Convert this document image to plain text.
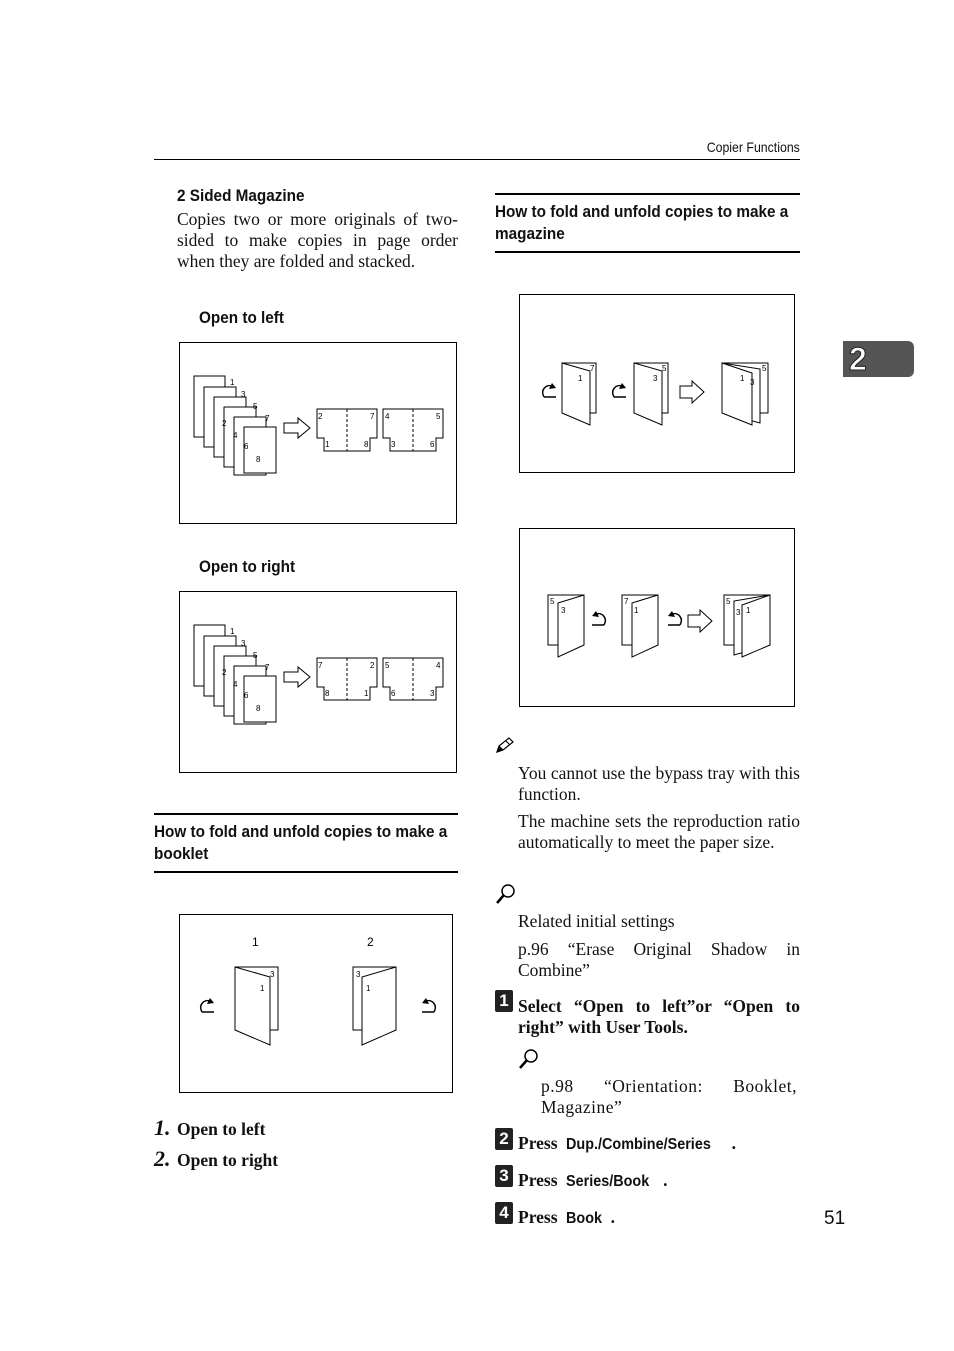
Copier Functions
2
2 Sided Magazine
Copies two or more originals of two-sided to make copies in page order when they are folded and stacked.
Open to left
1
3
5
7
2
4
6
8
2	7
1	8
4	5
3	6
Open to right
1
3
5
7
2
4
6
8
7	2
8	1
5	4
6	3
How to fold and unfold copies to make a booklet
1	2
3
1
3
1
1. Open to left
2. Open to right
How to fold and unfold copies to make a magazine
7
1
5
3
5
1 3
5
3
7
1
5
3 1
You cannot use the bypass tray with this function.
The machine sets the reproduction ratio automatically to meet the paper size.
Related initial settings
p.96 “Erase Original Shadow in Combine”
1 Select “Open to left”or “Open to right” with User Tools.
p.98 “Orientation: Booklet, Magazine”
2 Press Dup./Combine/Series .
3 Press Series/Book .
4 Press Book .	51
